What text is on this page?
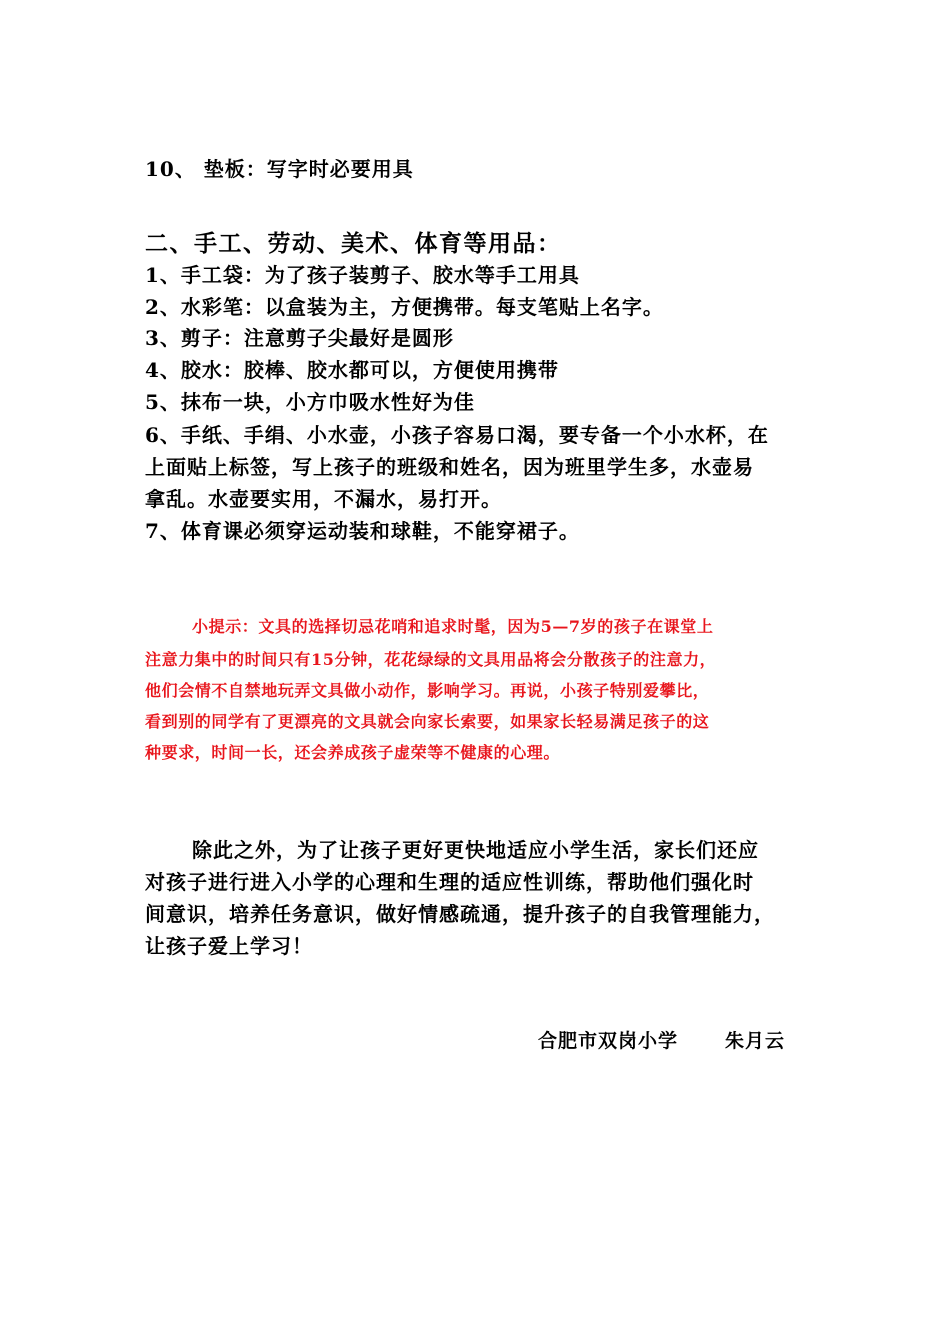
10、 垫板：写字时必要用具
二、手工、劳动、美术、体育等用品：
1、手工袋：为了孩子装剪子、胶水等手工用具
2、水彩笔：以盒装为主，方便携带。每支笔贴上名字。
3、剪子：注意剪子尖最好是圆形
4、胶水：胶棒、胶水都可以，方便使用携带
5、抹布一块，小方巾吸水性好为佳
6、手纸、手绢、小水壶，小孩子容易口渴，要专备一个小水杯，在
上面贴上标签，写上孩子的班级和姓名，因为班里学生多，水壶易
拿乱。水壶要实用，不漏水，易打开。
7、体育课必须穿运动装和球鞋，不能穿裙子。
小提示：文具的选择切忌花哨和追求时髦，因为5—7岁的孩子在课堂上
注意力集中的时间只有15分钟，花花绿绿的文具用品将会分散孩子的注意力，
他们会情不自禁地玩弄文具做小动作，影响学习。再说，小孩子特别爱攀比，
看到别的同学有了更漂亮的文具就会向家长索要，如果家长轻易满足孩子的这
种要求，时间一长，还会养成孩子虚荣等不健康的心理。
除此之外，为了让孩子更好更快地适应小学生活，家长们还应
对孩子进行进入小学的心理和生理的适应性训练，帮助他们强化时
间意识，培养任务意识，做好情感疏通，提升孩子的自我管理能力，
让孩子爱上学习！
合肥市双岗小学 朱月云
